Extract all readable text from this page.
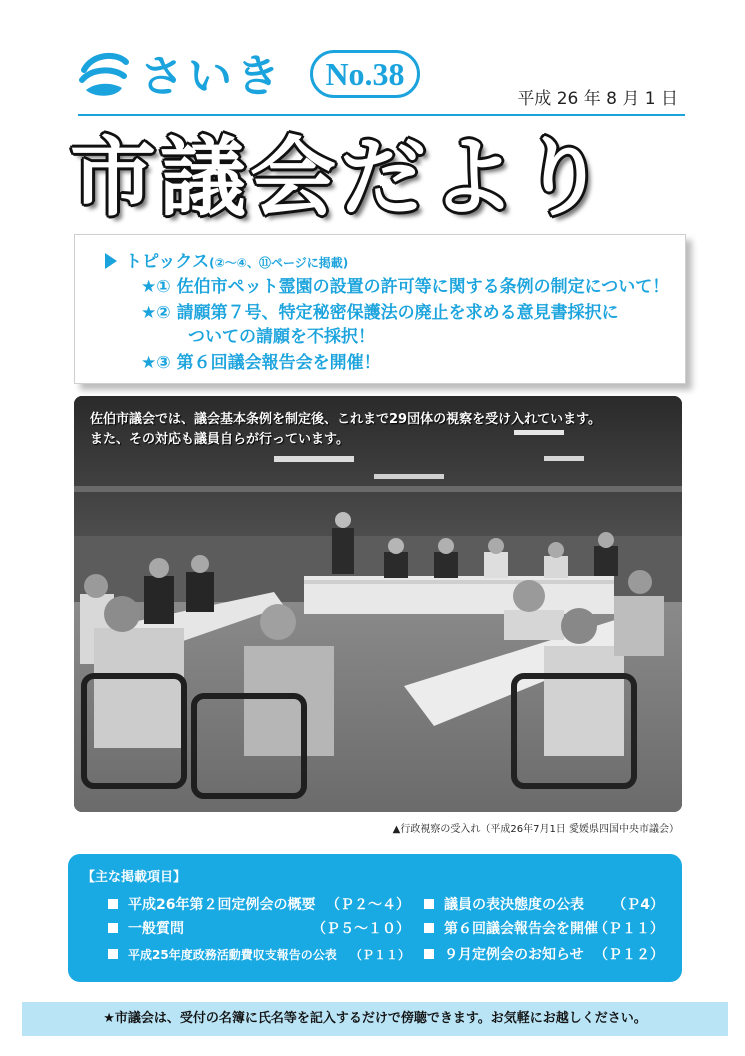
さいき	No.38
平成 26 年 8 月 1 日
市議会だより
トピックス(②～④、⑪ページに掲載)
★① 佐伯市ペット霊園の設置の許可等に関する条例の制定について！
★② 請願第７号、特定秘密保護法の廃止を求める意見書採択に
ついての請願を不採択！
★③ 第６回議会報告会を開催！
佐伯市議会では、議会基本条例を制定後、これまで29団体の視察を受け入れています。
また、その対応も議員自らが行っています。
▲行政視察の受入れ（平成26年7月1日 愛媛県四国中央市議会）
【主な掲載項目】
平成26年第２回定例会の概要 （Ｐ２～４）
一般質問	（Ｐ５～１０）
平成25年度政務活動費収支報告の公表 （Ｐ１１）
議員の表決態度の公表 （Ｐ4）
第６回議会報告会を開催
（Ｐ１１）
９月定例会のお知らせ （Ｐ１２）
★市議会は、受付の名簿に氏名等を記入するだけで傍聴できます。お気軽にお越しください。
